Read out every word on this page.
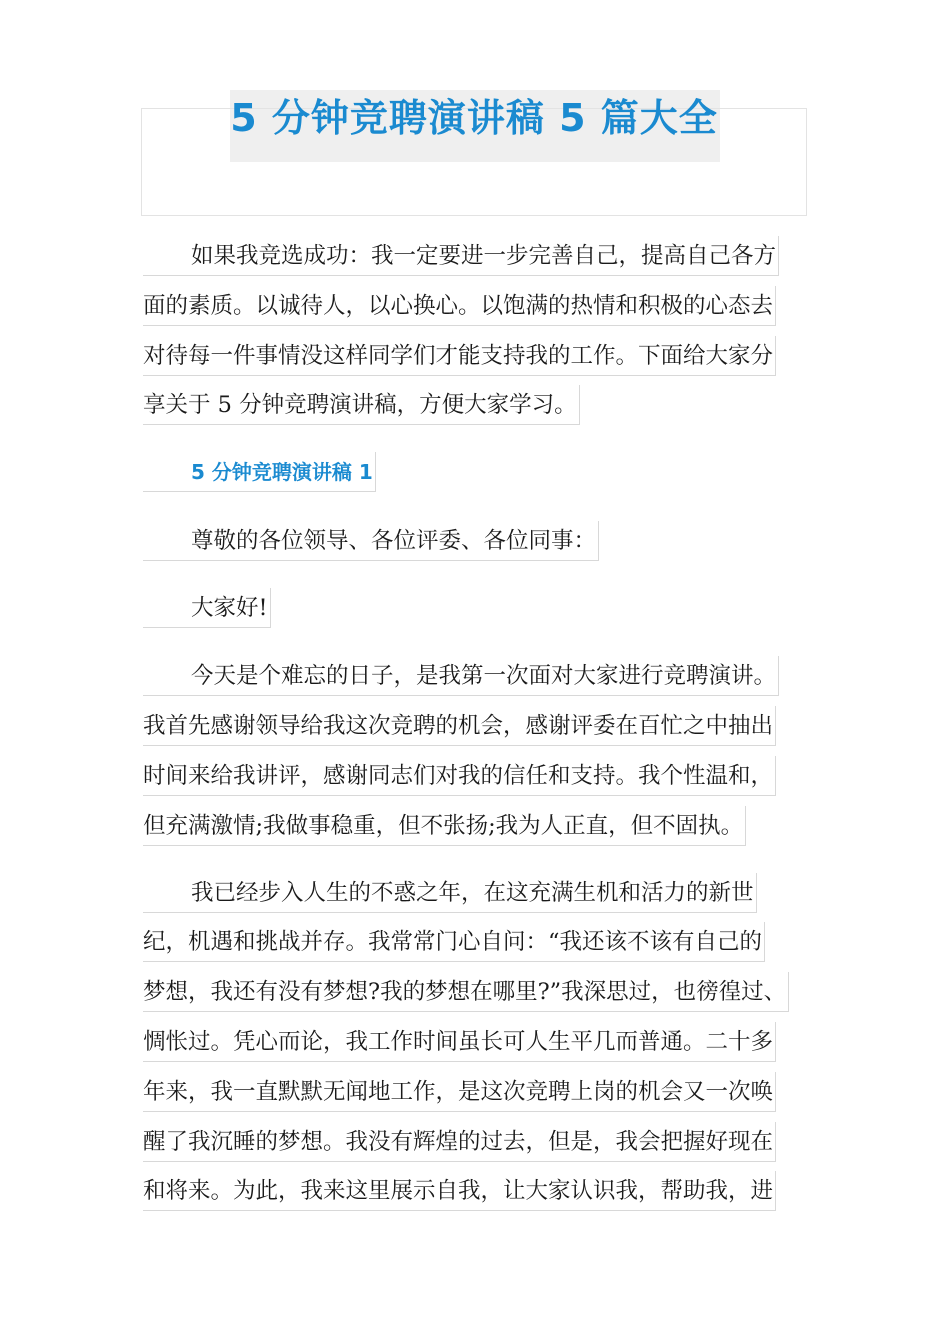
5 分钟竞聘演讲稿 5 篇大全
如果我竞选成功：我一定要进一步完善自己，提高自己各方
面的素质。以诚待人，以心换心。以饱满的热情和积极的心态去
对待每一件事情没这样同学们才能支持我的工作。下面给大家分
享关于 5 分钟竞聘演讲稿，方便大家学习。
5 分钟竞聘演讲稿 1
尊敬的各位领导、各位评委、各位同事：
大家好!
今天是个难忘的日子，是我第一次面对大家进行竞聘演讲。
我首先感谢领导给我这次竞聘的机会，感谢评委在百忙之中抽出
时间来给我讲评，感谢同志们对我的信任和支持。我个性温和，
但充满激情;我做事稳重，但不张扬;我为人正直，但不固执。
我已经步入人生的不惑之年，在这充满生机和活力的新世
纪，机遇和挑战并存。我常常门心自问：“我还该不该有自己的
梦想，我还有没有梦想?我的梦想在哪里?”我深思过，也徬徨过、
惆怅过。凭心而论，我工作时间虽长可人生平几而普通。二十多
年来，我一直默默无闻地工作，是这次竞聘上岗的机会又一次唤
醒了我沉睡的梦想。我没有辉煌的过去，但是，我会把握好现在
和将来。为此，我来这里展示自我，让大家认识我，帮助我，进
